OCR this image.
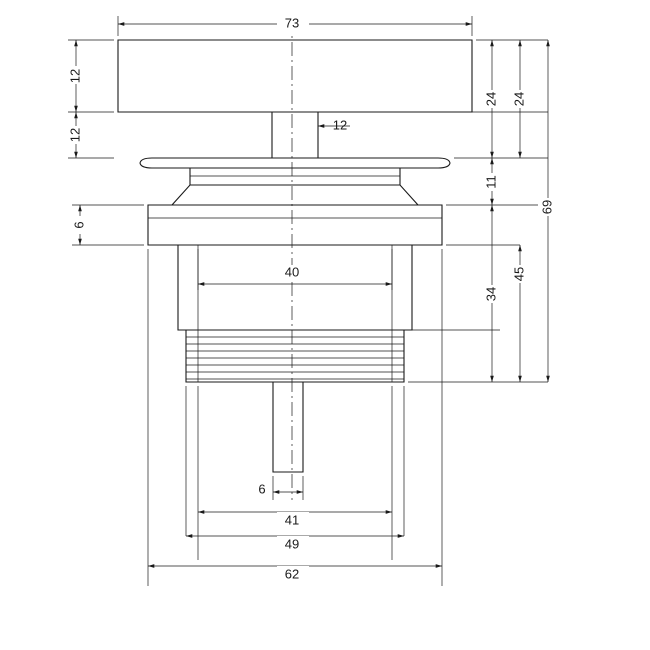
73
12
12
12
24 24
6
11
40
34
45
69
6
41
49
62
